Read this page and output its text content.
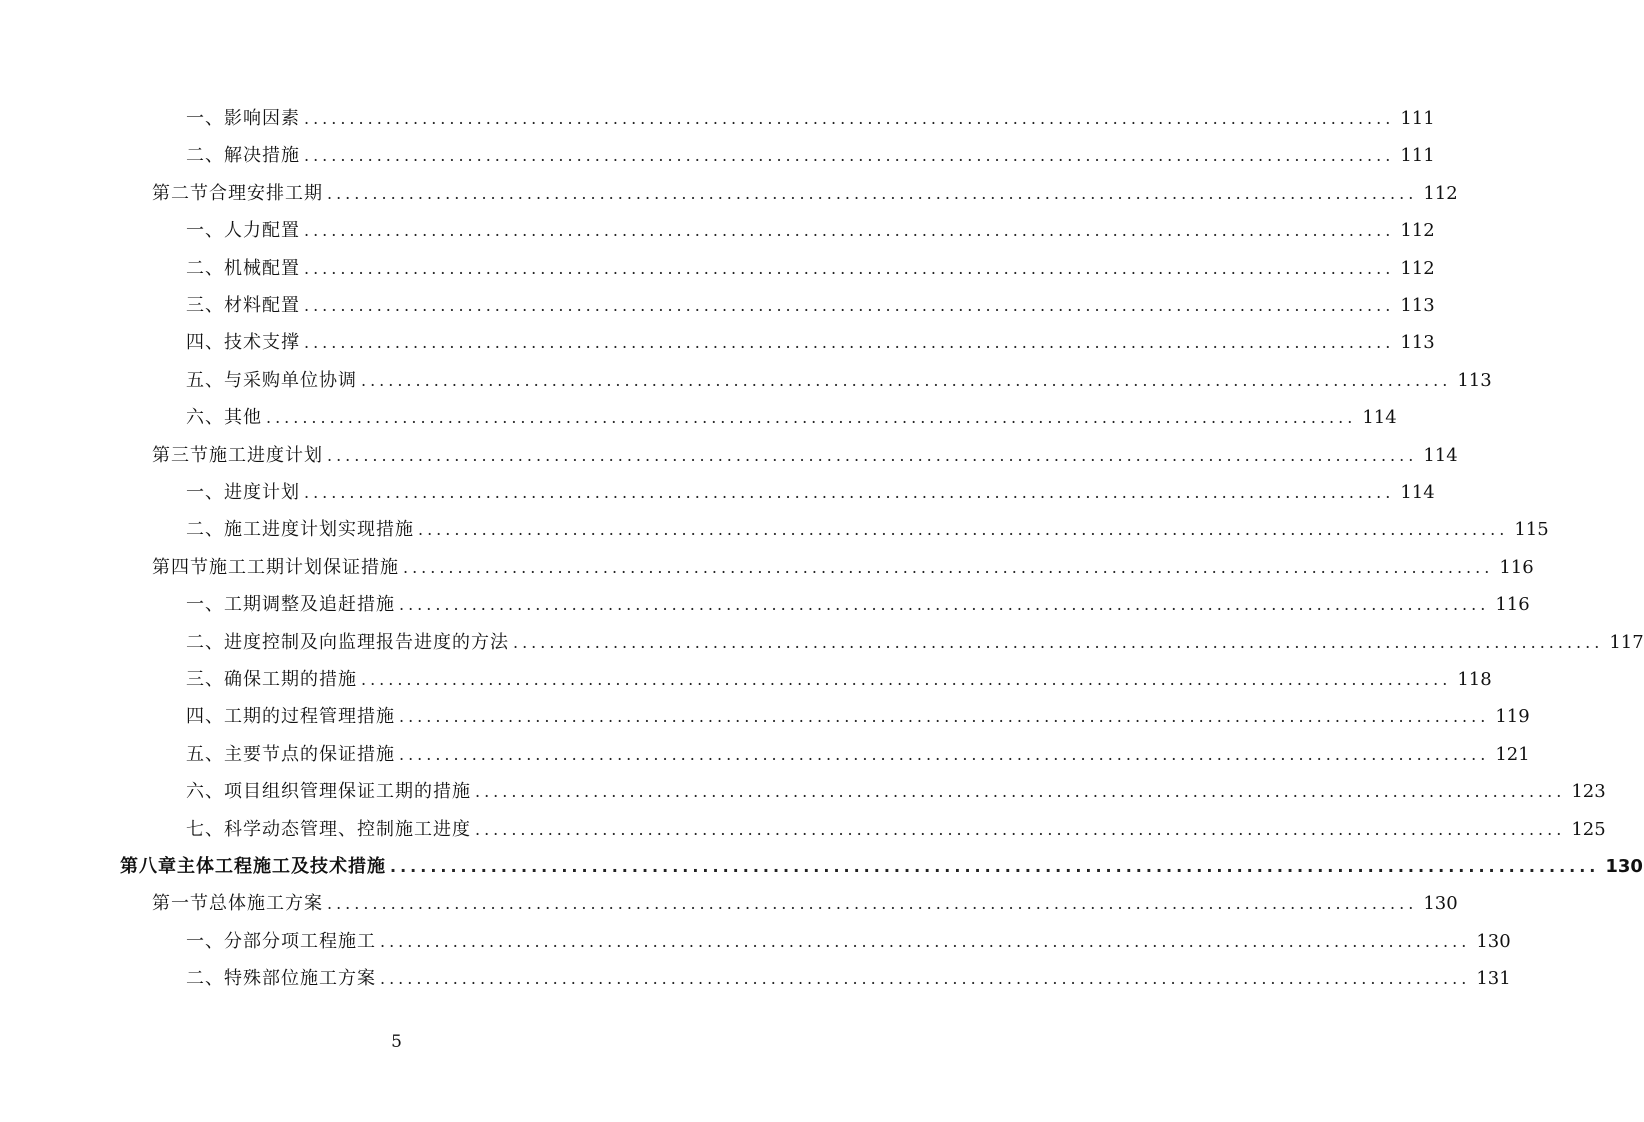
一、 影响因素 ........................................................................................................................ 111
二、 解决措施 ........................................................................................................................ 111
第二节 合理安排工期 ........................................................................................................................ 112
一、 人力配置 ........................................................................................................................ 112
二、 机械配置 ........................................................................................................................ 112
三、 材料配置 ........................................................................................................................ 113
四、 技术支撑 ........................................................................................................................ 113
五、 与采购单位协调 ........................................................................................................................ 113
六、 其他 ........................................................................................................................ 114
第三节 施工进度计划 ........................................................................................................................ 114
一、 进度计划 ........................................................................................................................ 114
二、 施工进度计划实现措施 ........................................................................................................................ 115
第四节 施工工期计划保证措施 ........................................................................................................................ 116
一、 工期调整及追赶措施 ........................................................................................................................ 116
二、 进度控制及向监理报告进度的方法 ........................................................................................................................ 117
三、 确保工期的措施 ........................................................................................................................ 118
四、 工期的过程管理措施 ........................................................................................................................ 119
五、 主要节点的保证措施 ........................................................................................................................ 121
六、 项目组织管理保证工期的措施 ........................................................................................................................ 123
七、 科学动态管理、控制施工进度 ........................................................................................................................ 125
第八章 主体工程施工及技术措施 ........................................................................................................................ 130
第一节 总体施工方案 ........................................................................................................................ 130
一、 分部分项工程施工 ........................................................................................................................ 130
二、 特殊部位施工方案 ........................................................................................................................ 131
5
